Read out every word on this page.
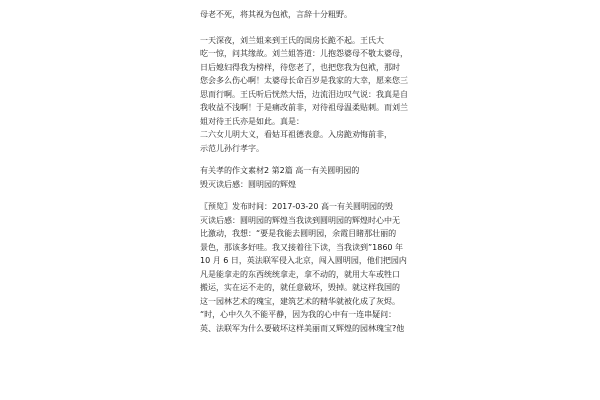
母老不死，将其视为包袱，言辞十分粗野。

一天深夜，刘兰姐来到王氏的闺房长跪不起。王氏大

吃一惊，问其缘故。刘兰姐答道：儿抱怨婆母不敬太婆母，

日后媳妇得我为榜样，待您老了，也把您我为包袱，那时

您会多么伤心啊！太婆母长命百岁是我家的大幸，愿来您三

思而行啊。王氏听后恍然大悟，边流泪边叹气说：我真是自

我收益不浅啊！于是痛改前非，对待祖母温柔贴刺。而刘兰

姐对待王氏亦是如此。真是：

二六女儿明大义，看姑耳祖德表意。入房跪劝悔前非，

示范儿孙行孝字。

有关孝的作文素材2 第2篇 高一有关圆明园的

毁灭读后感：圆明园的辉煌

〖预览〗发布时间：2017-03-20 高一有关圆明园的毁

灭读后感：圆明园的辉煌当我读到圆明园的辉煌时心中无

比激动，我想：“要是我能去圆明园，余霞目睹那壮丽的

景色，那该多好哇。我又接着往下读，当我读到”1860 年

10 月 6 日，英法联军侵入北京，闯入圆明园，他们把园内

凡是能拿走的东西统统拿走，拿不动的，就用大车或牲口

搬运，实在运不走的，就任意破坏，毁掉。就这样我国的

这一园林艺术的瑰宝，建筑艺术的精华就被化成了灰烬。

“时，心中久久不能平静，因为我的心中有一连串疑问：

英、法联军为什么要破坏这样美丽而又辉煌的园林瑰宝?他
